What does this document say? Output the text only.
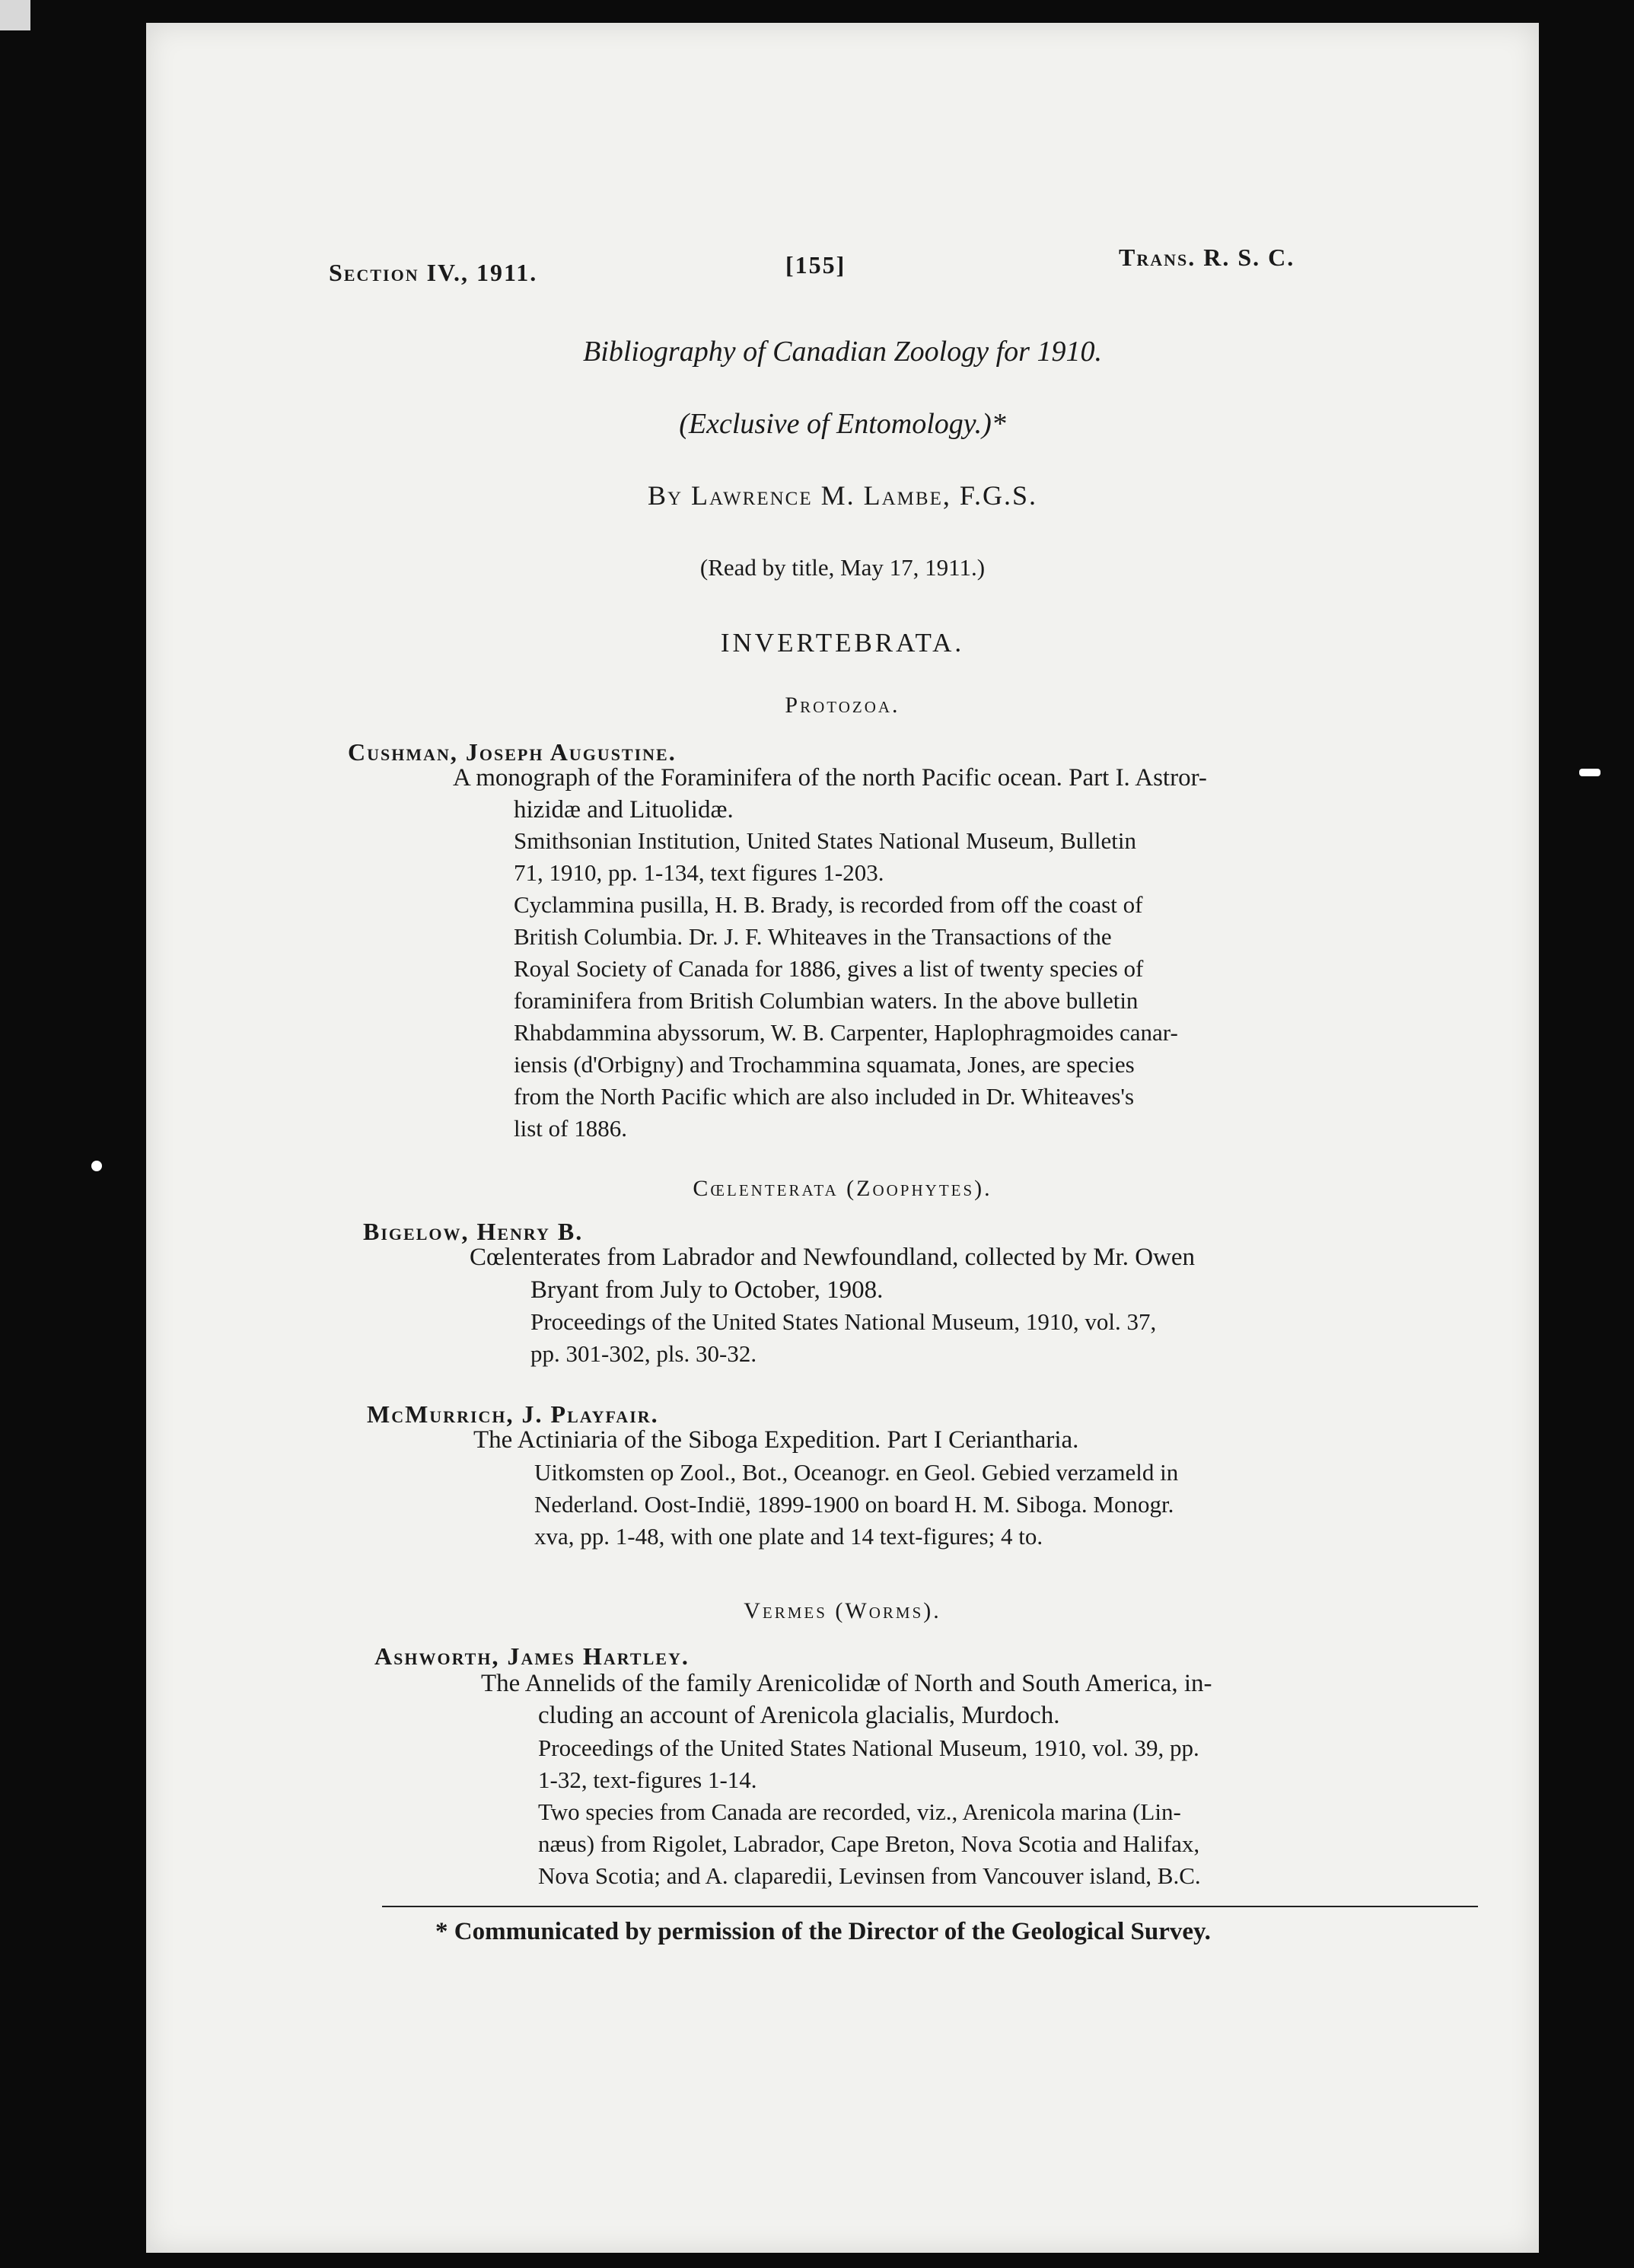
Section IV., 1911.	[155]	Trans. R. S. C.
Bibliography of Canadian Zoology for 1910.
(Exclusive of Entomology.)*
By Lawrence M. Lambe, F.G.S.
(Read by title, May 17, 1911.)
INVERTEBRATA.
Protozoa.
Cushman, Joseph Augustine.
A monograph of the Foraminifera of the north Pacific ocean. Part I. Astror-
hizidæ and Lituolidæ.
Smithsonian Institution, United States National Museum, Bulletin
71, 1910, pp. 1-134, text figures 1-203.
Cyclammina pusilla, H. B. Brady, is recorded from off the coast of
British Columbia. Dr. J. F. Whiteaves in the Transactions of the
Royal Society of Canada for 1886, gives a list of twenty species of
foraminifera from British Columbian waters. In the above bulletin
Rhabdammina abyssorum, W. B. Carpenter, Haplophragmoides canar-
iensis (d'Orbigny) and Trochammina squamata, Jones, are species
from the North Pacific which are also included in Dr. Whiteaves's
list of 1886.
Cœlenterata (Zoophytes).
Bigelow, Henry B.
Cœlenterates from Labrador and Newfoundland, collected by Mr. Owen
Bryant from July to October, 1908.
Proceedings of the United States National Museum, 1910, vol. 37,
pp. 301-302, pls. 30-32.
McMurrich, J. Playfair.
The Actiniaria of the Siboga Expedition. Part I Ceriantharia.
Uitkomsten op Zool., Bot., Oceanogr. en Geol. Gebied verzameld in
Nederland. Oost-Indië, 1899-1900 on board H. M. Siboga. Monogr.
xva, pp. 1-48, with one plate and 14 text-figures; 4 to.
Vermes (Worms).
Ashworth, James Hartley.
The Annelids of the family Arenicolidæ of North and South America, in-
cluding an account of Arenicola glacialis, Murdoch.
Proceedings of the United States National Museum, 1910, vol. 39, pp.
1-32, text-figures 1-14.
Two species from Canada are recorded, viz., Arenicola marina (Lin-
næus) from Rigolet, Labrador, Cape Breton, Nova Scotia and Halifax,
Nova Scotia; and A. claparedii, Levinsen from Vancouver island, B.C.
* Communicated by permission of the Director of the Geological Survey.
